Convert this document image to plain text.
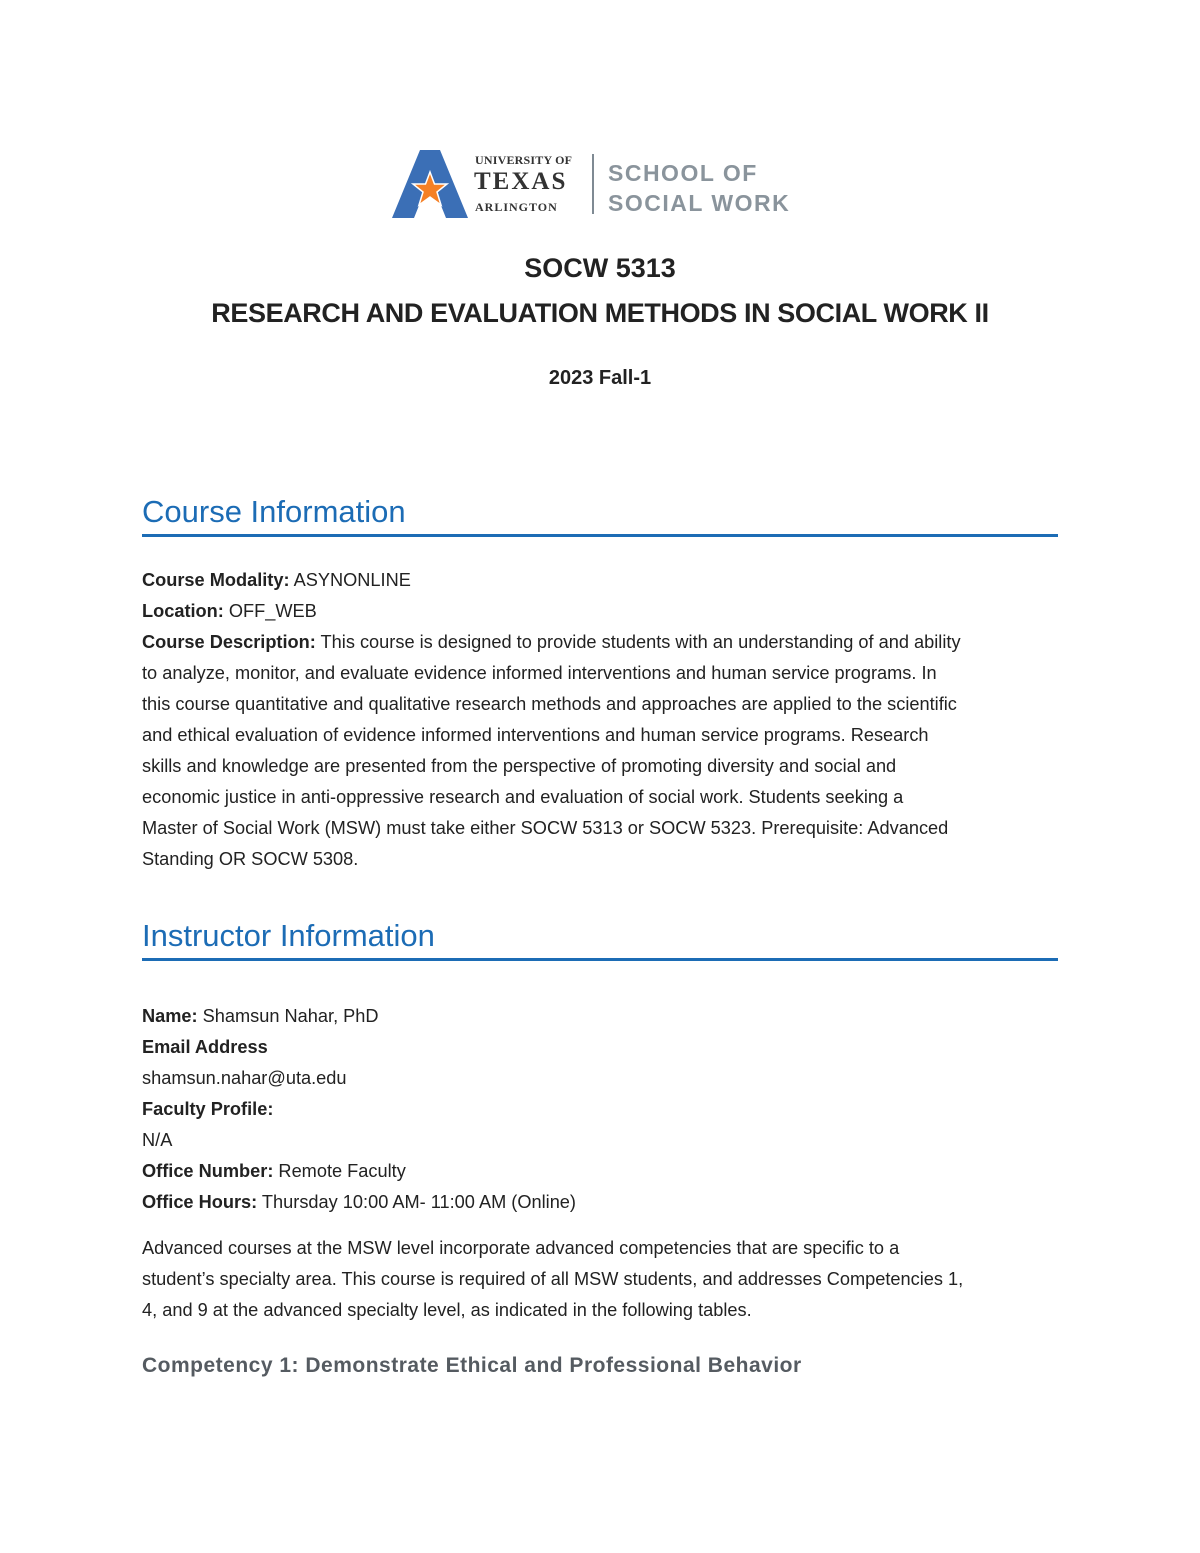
UNIVERSITY OF
TEXAS
ARLINGTON
SCHOOL OF
SOCIAL WORK
SOCW 5313
RESEARCH AND EVALUATION METHODS IN SOCIAL WORK II
2023 Fall-1
Course Information
Course Modality: ASYNONLINE
Location: OFF_WEB
Course Description: This course is designed to provide students with an understanding of and ability
to analyze, monitor, and evaluate evidence informed interventions and human service programs. In
this course quantitative and qualitative research methods and approaches are applied to the scientific
and ethical evaluation of evidence informed interventions and human service programs. Research
skills and knowledge are presented from the perspective of promoting diversity and social and
economic justice in anti-oppressive research and evaluation of social work. Students seeking a
Master of Social Work (MSW) must take either SOCW 5313 or SOCW 5323. Prerequisite: Advanced
Standing OR SOCW 5308.
Instructor Information
Name: Shamsun Nahar, PhD
Email Address
shamsun.nahar@uta.edu
Faculty Profile:
N/A
Office Number: Remote Faculty
Office Hours: Thursday 10:00 AM- 11:00 AM (Online)
Advanced courses at the MSW level incorporate advanced competencies that are specific to a
student’s specialty area. This course is required of all MSW students, and addresses Competencies 1,
4, and 9 at the advanced specialty level, as indicated in the following tables.
Competency 1: Demonstrate Ethical and Professional Behavior
